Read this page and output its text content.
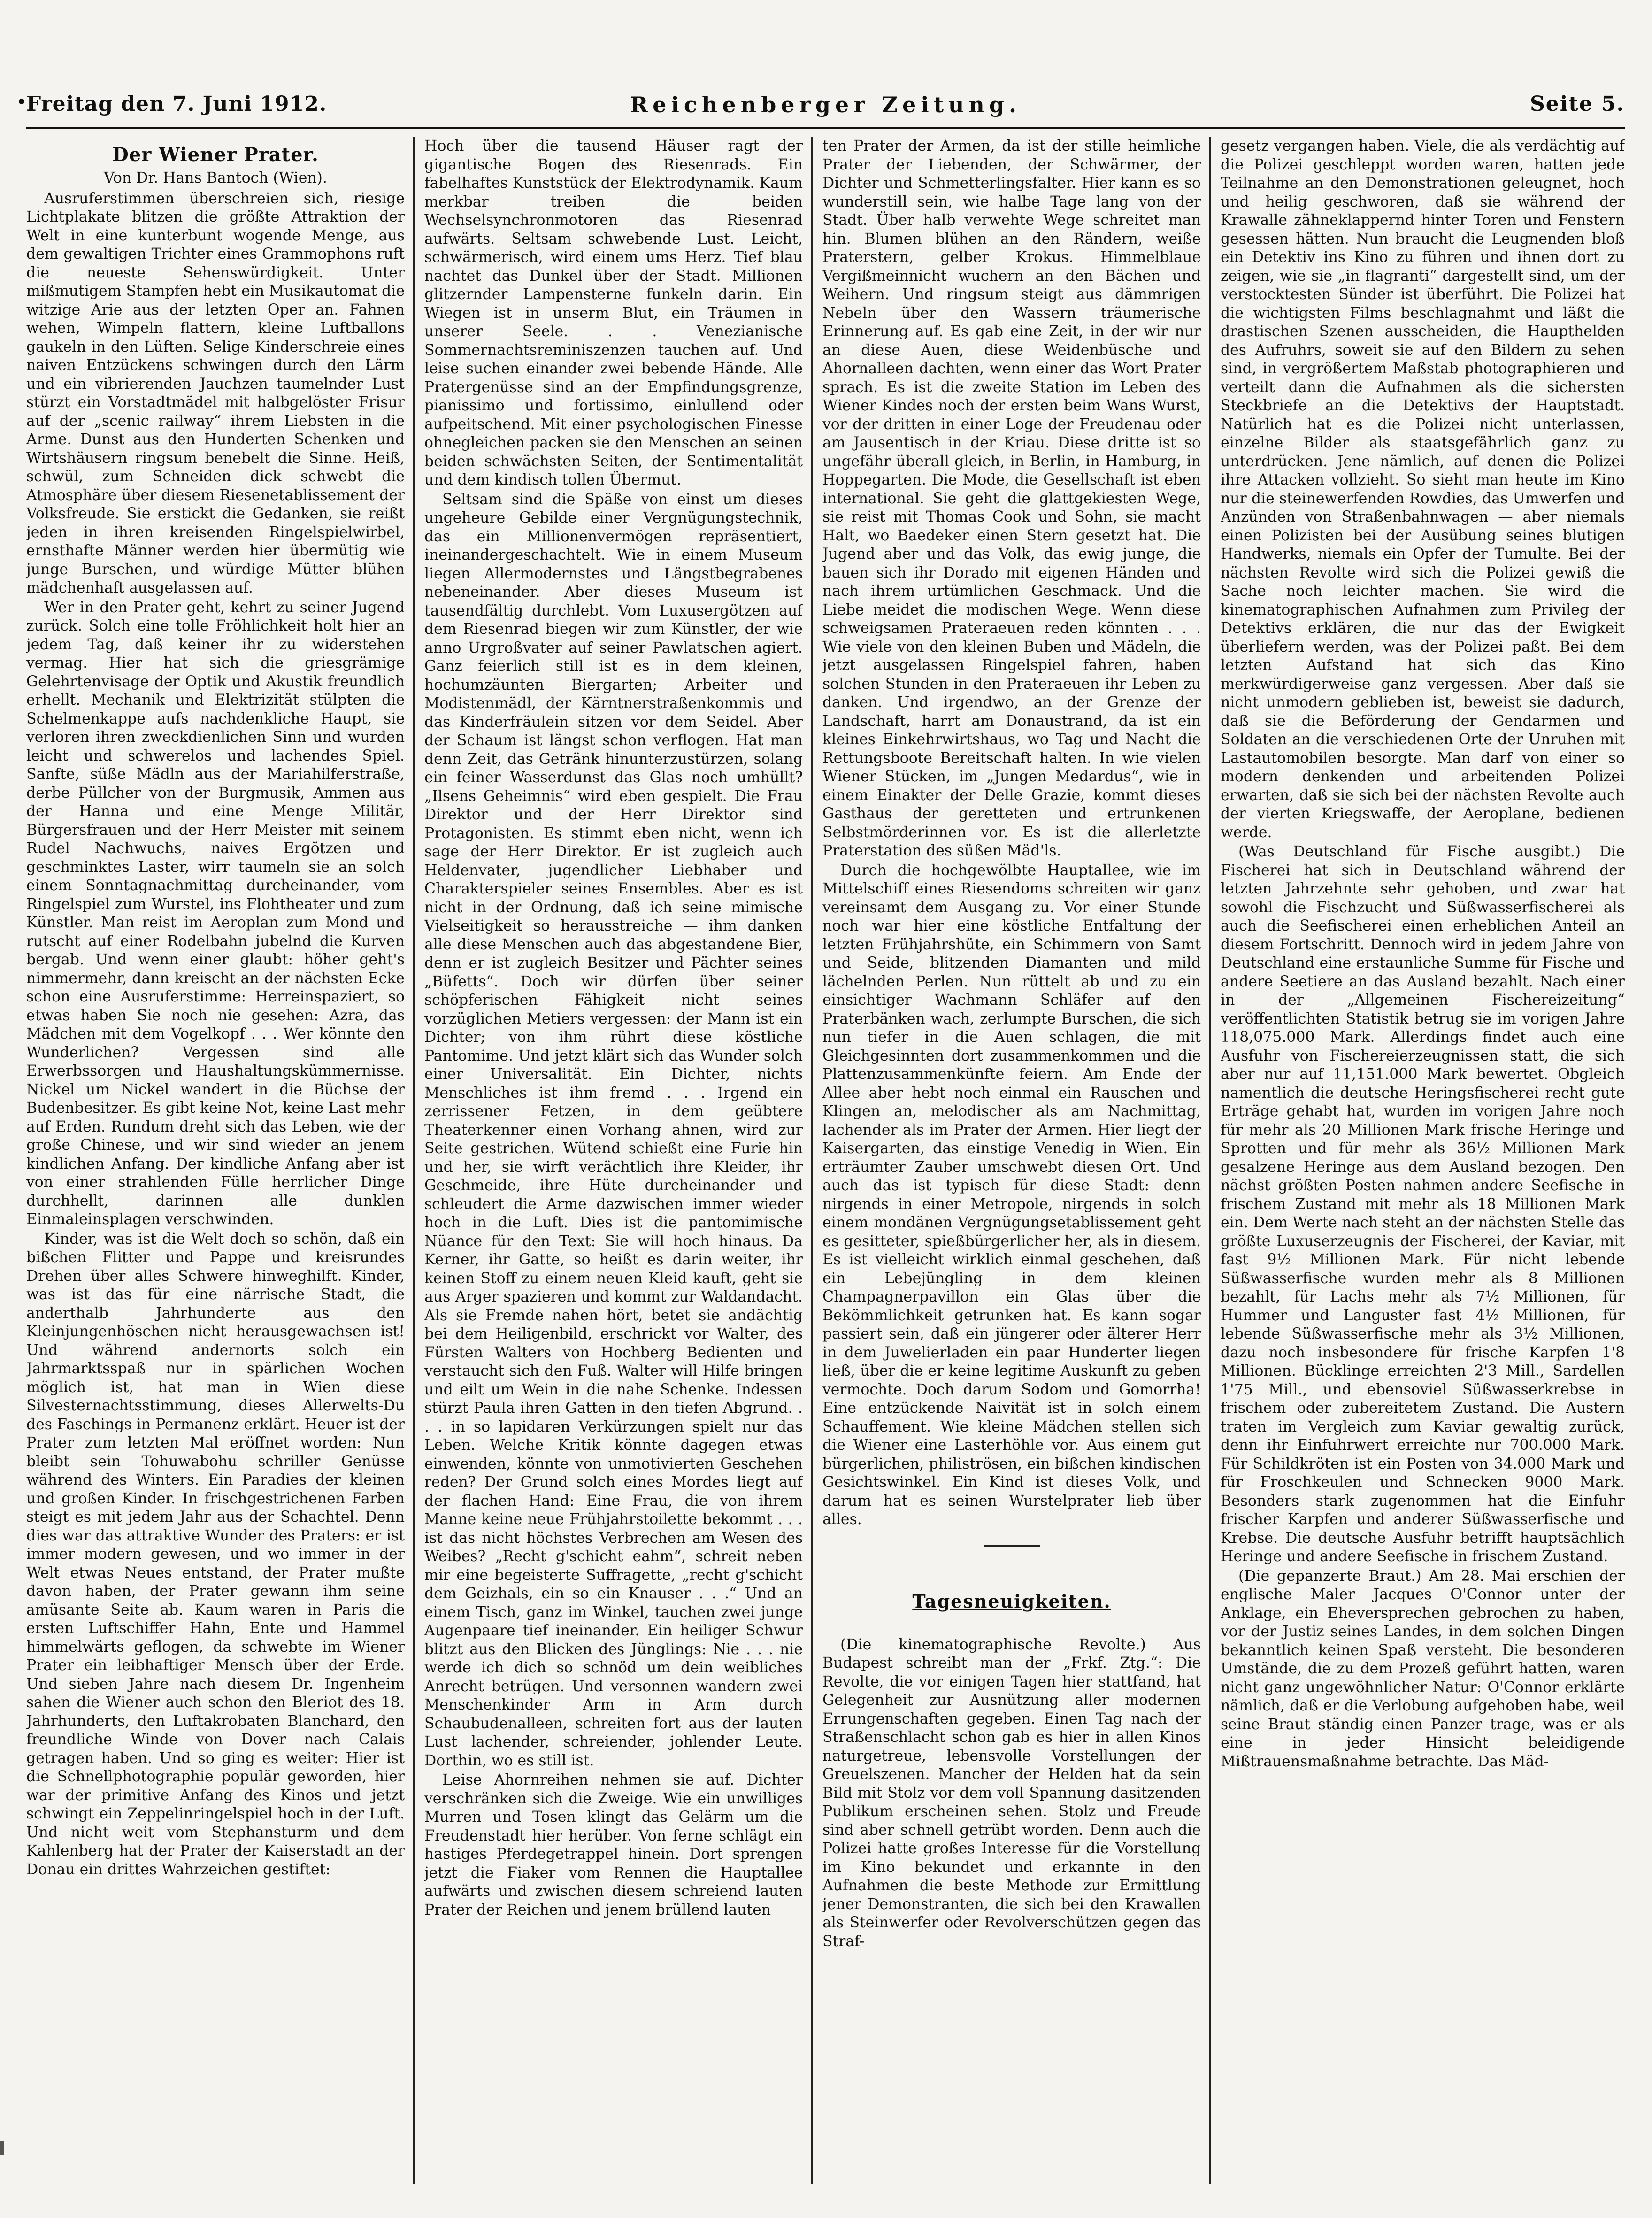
Freitag den 7. Juni 1912.	Reichenberger Zeitung.	Seite 5.
Der Wiener Prater.
Von Dr. Hans Bantoch (Wien).

Ausruferstimmen überschreien sich, riesige Lichtplakate blitzen die größte Attraktion der Welt in eine kunterbunt wogende Menge, aus dem gewaltigen Trichter eines Grammophons ruft die neueste Sehenswürdigkeit. Unter mißmutigem Stampfen hebt ein Musikautomat die witzige Arie aus der letzten Oper an. Fahnen wehen, Wimpeln flattern, kleine Luftballons gaukeln in den Lüften. Selige Kinderschreie eines naiven Entzückens schwingen durch den Lärm und ein vibrierenden Jauchzen taumelnder Lust stürzt ein Vorstadtmädel mit halbgelöster Frisur auf der „scenic railway“ ihrem Liebsten in die Arme. Dunst aus den Hunderten Schenken und Wirtshäusern ringsum benebelt die Sinne. Heiß, schwül, zum Schneiden dick schwebt die Atmosphäre über diesem Riesenetablissement der Volksfreude. Sie erstickt die Gedanken, sie reißt jeden in ihren kreisenden Ringelspielwirbel, ernsthafte Männer werden hier übermütig wie junge Burschen, und würdige Mütter blühen mädchenhaft ausgelassen auf.

Wer in den Prater geht, kehrt zu seiner Jugend zurück. Solch eine tolle Fröhlichkeit holt hier an jedem Tag, daß keiner ihr zu widerstehen vermag. Hier hat sich die griesgrämige Gelehrtenvisage der Optik und Akustik freundlich erhellt. Mechanik und Elektrizität stülpten die Schelmenkappe aufs nachdenkliche Haupt, sie verloren ihren zweckdienlichen Sinn und wurden leicht und schwerelos und lachendes Spiel. Sanfte, süße Mädln aus der Mariahilferstraße, derbe Püllcher von der Burgmusik, Ammen aus der Hanna und eine Menge Militär, Bürgersfrauen und der Herr Meister mit seinem Rudel Nachwuchs, naives Ergötzen und geschminktes Laster, wirr taumeln sie an solch einem Sonntagnachmittag durcheinander, vom Ringelspiel zum Wurstel, ins Flohtheater und zum Künstler. Man reist im Aeroplan zum Mond und rutscht auf einer Rodelbahn jubelnd die Kurven bergab. Und wenn einer glaubt: höher geht's nimmermehr, dann kreischt an der nächsten Ecke schon eine Ausruferstimme: Herreinspaziert, so etwas haben Sie noch nie gesehen: Azra, das Mädchen mit dem Vogelkopf . . . Wer könnte den Wunderlichen? Vergessen sind alle Erwerbssorgen und Haushaltungskümmernisse. Nickel um Nickel wandert in die Büchse der Budenbesitzer. Es gibt keine Not, keine Last mehr auf Erden. Rundum dreht sich das Leben, wie der große Chinese, und wir sind wieder an jenem kindlichen Anfang. Der kindliche Anfang aber ist von einer strahlenden Fülle herrlicher Dinge durchhellt, darinnen alle dunklen Einmaleinsplagen verschwinden.

Kinder, was ist die Welt doch so schön, daß ein bißchen Flitter und Pappe und kreisrundes Drehen über alles Schwere hinweghilft. Kinder, was ist das für eine närrische Stadt, die anderthalb Jahrhunderte aus den Kleinjungenhöschen nicht herausgewachsen ist! Und während andernorts solch ein Jahrmarktsspaß nur in spärlichen Wochen möglich ist, hat man in Wien diese Silvesternachtsstimmung, dieses Allerwelts-Du des Faschings in Permanenz erklärt. Heuer ist der Prater zum letzten Mal eröffnet worden: Nun bleibt sein Tohuwabohu schriller Genüsse während des Winters. Ein Paradies der kleinen und großen Kinder. In frischgestrichenen Farben steigt es mit jedem Jahr aus der Schachtel. Denn dies war das attraktive Wunder des Praters: er ist immer modern gewesen, und wo immer in der Welt etwas Neues entstand, der Prater mußte davon haben, der Prater gewann ihm seine amüsante Seite ab. Kaum waren in Paris die ersten Luftschiffer Hahn, Ente und Hammel himmelwärts geflogen, da schwebte im Wiener Prater ein leibhaftiger Mensch über der Erde. Und sieben Jahre nach diesem Dr. Ingenheim sahen die Wiener auch schon den Bleriot des 18. Jahrhunderts, den Luftakrobaten Blanchard, den freundliche Winde von Dover nach Calais getragen haben. Und so ging es weiter: Hier ist die Schnellphotographie populär geworden, hier war der primitive Anfang des Kinos und jetzt schwingt ein Zeppelinringelspiel hoch in der Luft. Und nicht weit vom Stephansturm und dem Kahlenberg hat der Prater der Kaiserstadt an der Donau ein drittes Wahrzeichen gestiftet:

Hoch über die tausend Häuser ragt der gigantische Bogen des Riesenrads. Ein fabelhaftes Kunststück der Elektrodynamik. Kaum merkbar treiben die beiden Wechselsynchronmotoren das Riesenrad aufwärts. Seltsam schwebende Lust. Leicht, schwärmerisch, wird einem ums Herz. Tief blau nachtet das Dunkel über der Stadt. Millionen glitzernder Lampensterne funkeln darin. Ein Wiegen ist in unserm Blut, ein Träumen in unserer Seele. . . Venezianische Sommernachtsreminiszenzen tauchen auf. Und leise suchen einander zwei bebende Hände. Alle Pratergenüsse sind an der Empfindungsgrenze, pianissimo und fortissimo, einlullend oder aufpeitschend. Mit einer psychologischen Finesse ohnegleichen packen sie den Menschen an seinen beiden schwächsten Seiten, der Sentimentalität und dem kindisch tollen Übermut.

Seltsam sind die Späße von einst um dieses ungeheure Gebilde einer Vergnügungstechnik, das ein Millionenvermögen repräsentiert, ineinandergeschachtelt. Wie in einem Museum liegen Allermodernstes und Längstbegrabenes nebeneinander. Aber dieses Museum ist tausendfältig durchlebt. Vom Luxusergötzen auf dem Riesenrad biegen wir zum Künstler, der wie anno Urgroßvater auf seiner Pawlatschen agiert. Ganz feierlich still ist es in dem kleinen, hochumzäunten Biergarten; Arbeiter und Modistenmädl, der Kärntnerstraßenkommis und das Kinderfräulein sitzen vor dem Seidel. Aber der Schaum ist längst schon verflogen. Hat man denn Zeit, das Getränk hinunterzustürzen, solang ein feiner Wasserdunst das Glas noch umhüllt? „Ilsens Geheimnis“ wird eben gespielt. Die Frau Direktor und der Herr Direktor sind Protagonisten. Es stimmt eben nicht, wenn ich sage der Herr Direktor. Er ist zugleich auch Heldenvater, jugendlicher Liebhaber und Charakterspieler seines Ensembles. Aber es ist nicht in der Ordnung, daß ich seine mimische Vielseitigkeit so herausstreiche — ihm danken alle diese Menschen auch das abgestandene Bier, denn er ist zugleich Besitzer und Pächter seines „Büfetts“. Doch wir dürfen über seiner schöpferischen Fähigkeit nicht seines vorzüglichen Metiers vergessen: der Mann ist ein Dichter; von ihm rührt diese köstliche Pantomime. Und jetzt klärt sich das Wunder solch einer Universalität. Ein Dichter, nichts Menschliches ist ihm fremd . . . Irgend ein zerrissener Fetzen, in dem geübtere Theaterkenner einen Vorhang ahnen, wird zur Seite gestrichen. Wütend schießt eine Furie hin und her, sie wirft verächtlich ihre Kleider, ihr Geschmeide, ihre Hüte durcheinander und schleudert die Arme dazwischen immer wieder hoch in die Luft. Dies ist die pantomimische Nüance für den Text: Sie will hoch hinaus. Da Kerner, ihr Gatte, so heißt es darin weiter, ihr keinen Stoff zu einem neuen Kleid kauft, geht sie aus Arger spazieren und kommt zur Waldandacht. Als sie Fremde nahen hört, betet sie andächtig bei dem Heiligenbild, erschrickt vor Walter, des Fürsten Walters von Hochberg Bedienten und verstaucht sich den Fuß. Walter will Hilfe bringen und eilt um Wein in die nahe Schenke. Indessen stürzt Paula ihren Gatten in den tiefen Abgrund. . . . in so lapidaren Verkürzungen spielt nur das Leben. Welche Kritik könnte dagegen etwas einwenden, könnte von unmotivierten Geschehen reden? Der Grund solch eines Mordes liegt auf der flachen Hand: Eine Frau, die von ihrem Manne keine neue Frühjahrstoilette bekommt . . . ist das nicht höchstes Verbrechen am Wesen des Weibes? „Recht g'schicht eahm“, schreit neben mir eine begeisterte Suffragette, „recht g'schicht dem Geizhals, ein so ein Knauser . . .“ Und an einem Tisch, ganz im Winkel, tauchen zwei junge Augenpaare tief ineinander. Ein heiliger Schwur blitzt aus den Blicken des Jünglings: Nie . . . nie werde ich dich so schnöd um dein weibliches Anrecht betrügen. Und versonnen wandern zwei Menschenkinder Arm in Arm durch Schaubudenalleen, schreiten fort aus der lauten Lust lachender, schreiender, johlender Leute. Dorthin, wo es still ist.

Leise Ahornreihen nehmen sie auf. Dichter verschränken sich die Zweige. Wie ein unwilliges Murren und Tosen klingt das Gelärm um die Freudenstadt hier herüber. Von ferne schlägt ein hastiges Pferdegetrappel hinein. Dort sprengen jetzt die Fiaker vom Rennen die Hauptallee aufwärts und zwischen diesem schreiend lauten Prater der Reichen und jenem brüllend lauten

ten Prater der Armen, da ist der stille heimliche Prater der Liebenden, der Schwärmer, der Dichter und Schmetterlingsfalter. Hier kann es so wunderstill sein, wie halbe Tage lang von der Stadt. Über halb verwehte Wege schreitet man hin. Blumen blühen an den Rändern, weiße Praterstern, gelber Krokus. Himmelblaue Vergißmeinnicht wuchern an den Bächen und Weihern. Und ringsum steigt aus dämmrigen Nebeln über den Wassern träumerische Erinnerung auf. Es gab eine Zeit, in der wir nur an diese Auen, diese Weidenbüsche und Ahornalleen dachten, wenn einer das Wort Prater sprach. Es ist die zweite Station im Leben des Wiener Kindes noch der ersten beim Wans Wurst, vor der dritten in einer Loge der Freudenau oder am Jausentisch in der Kriau. Diese dritte ist so ungefähr überall gleich, in Berlin, in Hamburg, in Hoppegarten. Die Mode, die Gesellschaft ist eben international. Sie geht die glattgekiesten Wege, sie reist mit Thomas Cook und Sohn, sie macht Halt, wo Baedeker einen Stern gesetzt hat. Die Jugend aber und das Volk, das ewig junge, die bauen sich ihr Dorado mit eigenen Händen und nach ihrem urtümlichen Geschmack. Und die Liebe meidet die modischen Wege. Wenn diese schweigsamen Prateraeuen reden könnten . . . Wie viele von den kleinen Buben und Mädeln, die jetzt ausgelassen Ringelspiel fahren, haben solchen Stunden in den Prateraeuen ihr Leben zu danken. Und irgendwo, an der Grenze der Landschaft, harrt am Donaustrand, da ist ein kleines Einkehrwirtshaus, wo Tag und Nacht die Rettungsboote Bereitschaft halten. In wie vielen Wiener Stücken, im „Jungen Medardus“, wie in einem Einakter der Delle Grazie, kommt dieses Gasthaus der geretteten und ertrunkenen Selbstmörderinnen vor. Es ist die allerletzte Praterstation des süßen Mäd'ls.

Durch die hochgewölbte Hauptallee, wie im Mittelschiff eines Riesendoms schreiten wir ganz vereinsamt dem Ausgang zu. Vor einer Stunde noch war hier eine köstliche Entfaltung der letzten Frühjahrshüte, ein Schimmern von Samt und Seide, blitzenden Diamanten und mild lächelnden Perlen. Nun rüttelt ab und zu ein einsichtiger Wachmann Schläfer auf den Praterbänken wach, zerlumpte Burschen, die sich nun tiefer in die Auen schlagen, die mit Gleichgesinnten dort zusammenkommen und die Plattenzusammenkünfte feiern. Am Ende der Allee aber hebt noch einmal ein Rauschen und Klingen an, melodischer als am Nachmittag, lachender als im Prater der Armen. Hier liegt der Kaisergarten, das einstige Venedig in Wien. Ein erträumter Zauber umschwebt diesen Ort. Und auch das ist typisch für diese Stadt: denn nirgends in einer Metropole, nirgends in solch einem mondänen Vergnügungsetablissement geht es gesitteter, spießbürgerlicher her, als in diesem. Es ist vielleicht wirklich einmal geschehen, daß ein Lebejüngling in dem kleinen Champagnerpavillon ein Glas über die Bekömmlichkeit getrunken hat. Es kann sogar passiert sein, daß ein jüngerer oder älterer Herr in dem Juwelierladen ein paar Hunderter liegen ließ, über die er keine legitime Auskunft zu geben vermochte. Doch darum Sodom und Gomorrha! Eine entzückende Naivität ist in solch einem Schauffement. Wie kleine Mädchen stellen sich die Wiener eine Lasterhöhle vor. Aus einem gut bürgerlichen, philiströsen, ein bißchen kindischen Gesichtswinkel. Ein Kind ist dieses Volk, und darum hat es seinen Wurstelprater lieb über alles.

Tagesneuigkeiten.

(Die kinematographische Revolte.) Aus Budapest schreibt man der „Frkf. Ztg.“: Die Revolte, die vor einigen Tagen hier stattfand, hat Gelegenheit zur Ausnützung aller modernen Errungenschaften gegeben. Einen Tag nach der Straßenschlacht schon gab es hier in allen Kinos naturgetreue, lebensvolle Vorstellungen der Greuelszenen. Mancher der Helden hat da sein Bild mit Stolz vor dem voll Spannung dasitzenden Publikum erscheinen sehen. Stolz und Freude sind aber schnell getrübt worden. Denn auch die Polizei hatte großes Interesse für die Vorstellung im Kino bekundet und erkannte in den Aufnahmen die beste Methode zur Ermittlung jener Demonstranten, die sich bei den Krawallen als Steinwerfer oder Revolverschützen gegen das Straf-

gesetz vergangen haben. Viele, die als verdächtig auf die Polizei geschleppt worden waren, hatten jede Teilnahme an den Demonstrationen geleugnet, hoch und heilig geschworen, daß sie während der Krawalle zähneklappernd hinter Toren und Fenstern gesessen hätten. Nun braucht die Leugnenden bloß ein Detektiv ins Kino zu führen und ihnen dort zu zeigen, wie sie „in flagranti“ dargestellt sind, um der verstocktesten Sünder ist überführt. Die Polizei hat die wichtigsten Films beschlagnahmt und läßt die drastischen Szenen ausscheiden, die Haupthelden des Aufruhrs, soweit sie auf den Bildern zu sehen sind, in vergrößertem Maßstab photographieren und verteilt dann die Aufnahmen als die sichersten Steckbriefe an die Detektivs der Hauptstadt. Natürlich hat es die Polizei nicht unterlassen, einzelne Bilder als staatsgefährlich ganz zu unterdrücken. Jene nämlich, auf denen die Polizei ihre Attacken vollzieht. So sieht man heute im Kino nur die steinewerfenden Rowdies, das Umwerfen und Anzünden von Straßenbahnwagen — aber niemals einen Polizisten bei der Ausübung seines blutigen Handwerks, niemals ein Opfer der Tumulte. Bei der nächsten Revolte wird sich die Polizei gewiß die Sache noch leichter machen. Sie wird die kinematographischen Aufnahmen zum Privileg der Detektivs erklären, die nur das der Ewigkeit überliefern werden, was der Polizei paßt. Bei dem letzten Aufstand hat sich das Kino merkwürdigerweise ganz vergessen. Aber daß sie nicht unmodern geblieben ist, beweist sie dadurch, daß sie die Beförderung der Gendarmen und Soldaten an die verschiedenen Orte der Unruhen mit Lastautomobilen besorgte. Man darf von einer so modern denkenden und arbeitenden Polizei erwarten, daß sie sich bei der nächsten Revolte auch der vierten Kriegswaffe, der Aeroplane, bedienen werde.

(Was Deutschland für Fische ausgibt.) Die Fischerei hat sich in Deutschland während der letzten Jahrzehnte sehr gehoben, und zwar hat sowohl die Fischzucht und Süßwasserfischerei als auch die Seefischerei einen erheblichen Anteil an diesem Fortschritt. Dennoch wird in jedem Jahre von Deutschland eine erstaunliche Summe für Fische und andere Seetiere an das Ausland bezahlt. Nach einer in der „Allgemeinen Fischereizeitung“ veröffentlichten Statistik betrug sie im vorigen Jahre 118,075.000 Mark. Allerdings findet auch eine Ausfuhr von Fischereierzeugnissen statt, die sich aber nur auf 11,151.000 Mark bewertet. Obgleich namentlich die deutsche Heringsfischerei recht gute Erträge gehabt hat, wurden im vorigen Jahre noch für mehr als 20 Millionen Mark frische Heringe und Sprotten und für mehr als 36½ Millionen Mark gesalzene Heringe aus dem Ausland bezogen. Den nächst größten Posten nahmen andere Seefische in frischem Zustand mit mehr als 18 Millionen Mark ein. Dem Werte nach steht an der nächsten Stelle das größte Luxuserzeugnis der Fischerei, der Kaviar, mit fast 9½ Millionen Mark. Für nicht lebende Süßwasserfische wurden mehr als 8 Millionen bezahlt, für Lachs mehr als 7½ Millionen, für Hummer und Languster fast 4½ Millionen, für lebende Süßwasserfische mehr als 3½ Millionen, dazu noch insbesondere für frische Karpfen 1'8 Millionen. Bücklinge erreichten 2'3 Mill., Sardellen 1'75 Mill., und ebensoviel Süßwasserkrebse in frischem oder zubereitetem Zustand. Die Austern traten im Vergleich zum Kaviar gewaltig zurück, denn ihr Einfuhrwert erreichte nur 700.000 Mark. Für Schildkröten ist ein Posten von 34.000 Mark und für Froschkeulen und Schnecken 9000 Mark. Besonders stark zugenommen hat die Einfuhr frischer Karpfen und anderer Süßwasserfische und Krebse. Die deutsche Ausfuhr betrifft hauptsächlich Heringe und andere Seefische in frischem Zustand.

(Die gepanzerte Braut.) Am 28. Mai erschien der englische Maler Jacques O'Connor unter der Anklage, ein Eheversprechen gebrochen zu haben, vor der Justiz seines Landes, in dem solchen Dingen bekanntlich keinen Spaß versteht. Die besonderen Umstände, die zu dem Prozeß geführt hatten, waren nicht ganz ungewöhnlicher Natur: O'Connor erklärte nämlich, daß er die Verlobung aufgehoben habe, weil seine Braut ständig einen Panzer trage, was er als eine in jeder Hinsicht beleidigende Mißtrauensmaßnahme betrachte. Das Mäd-
